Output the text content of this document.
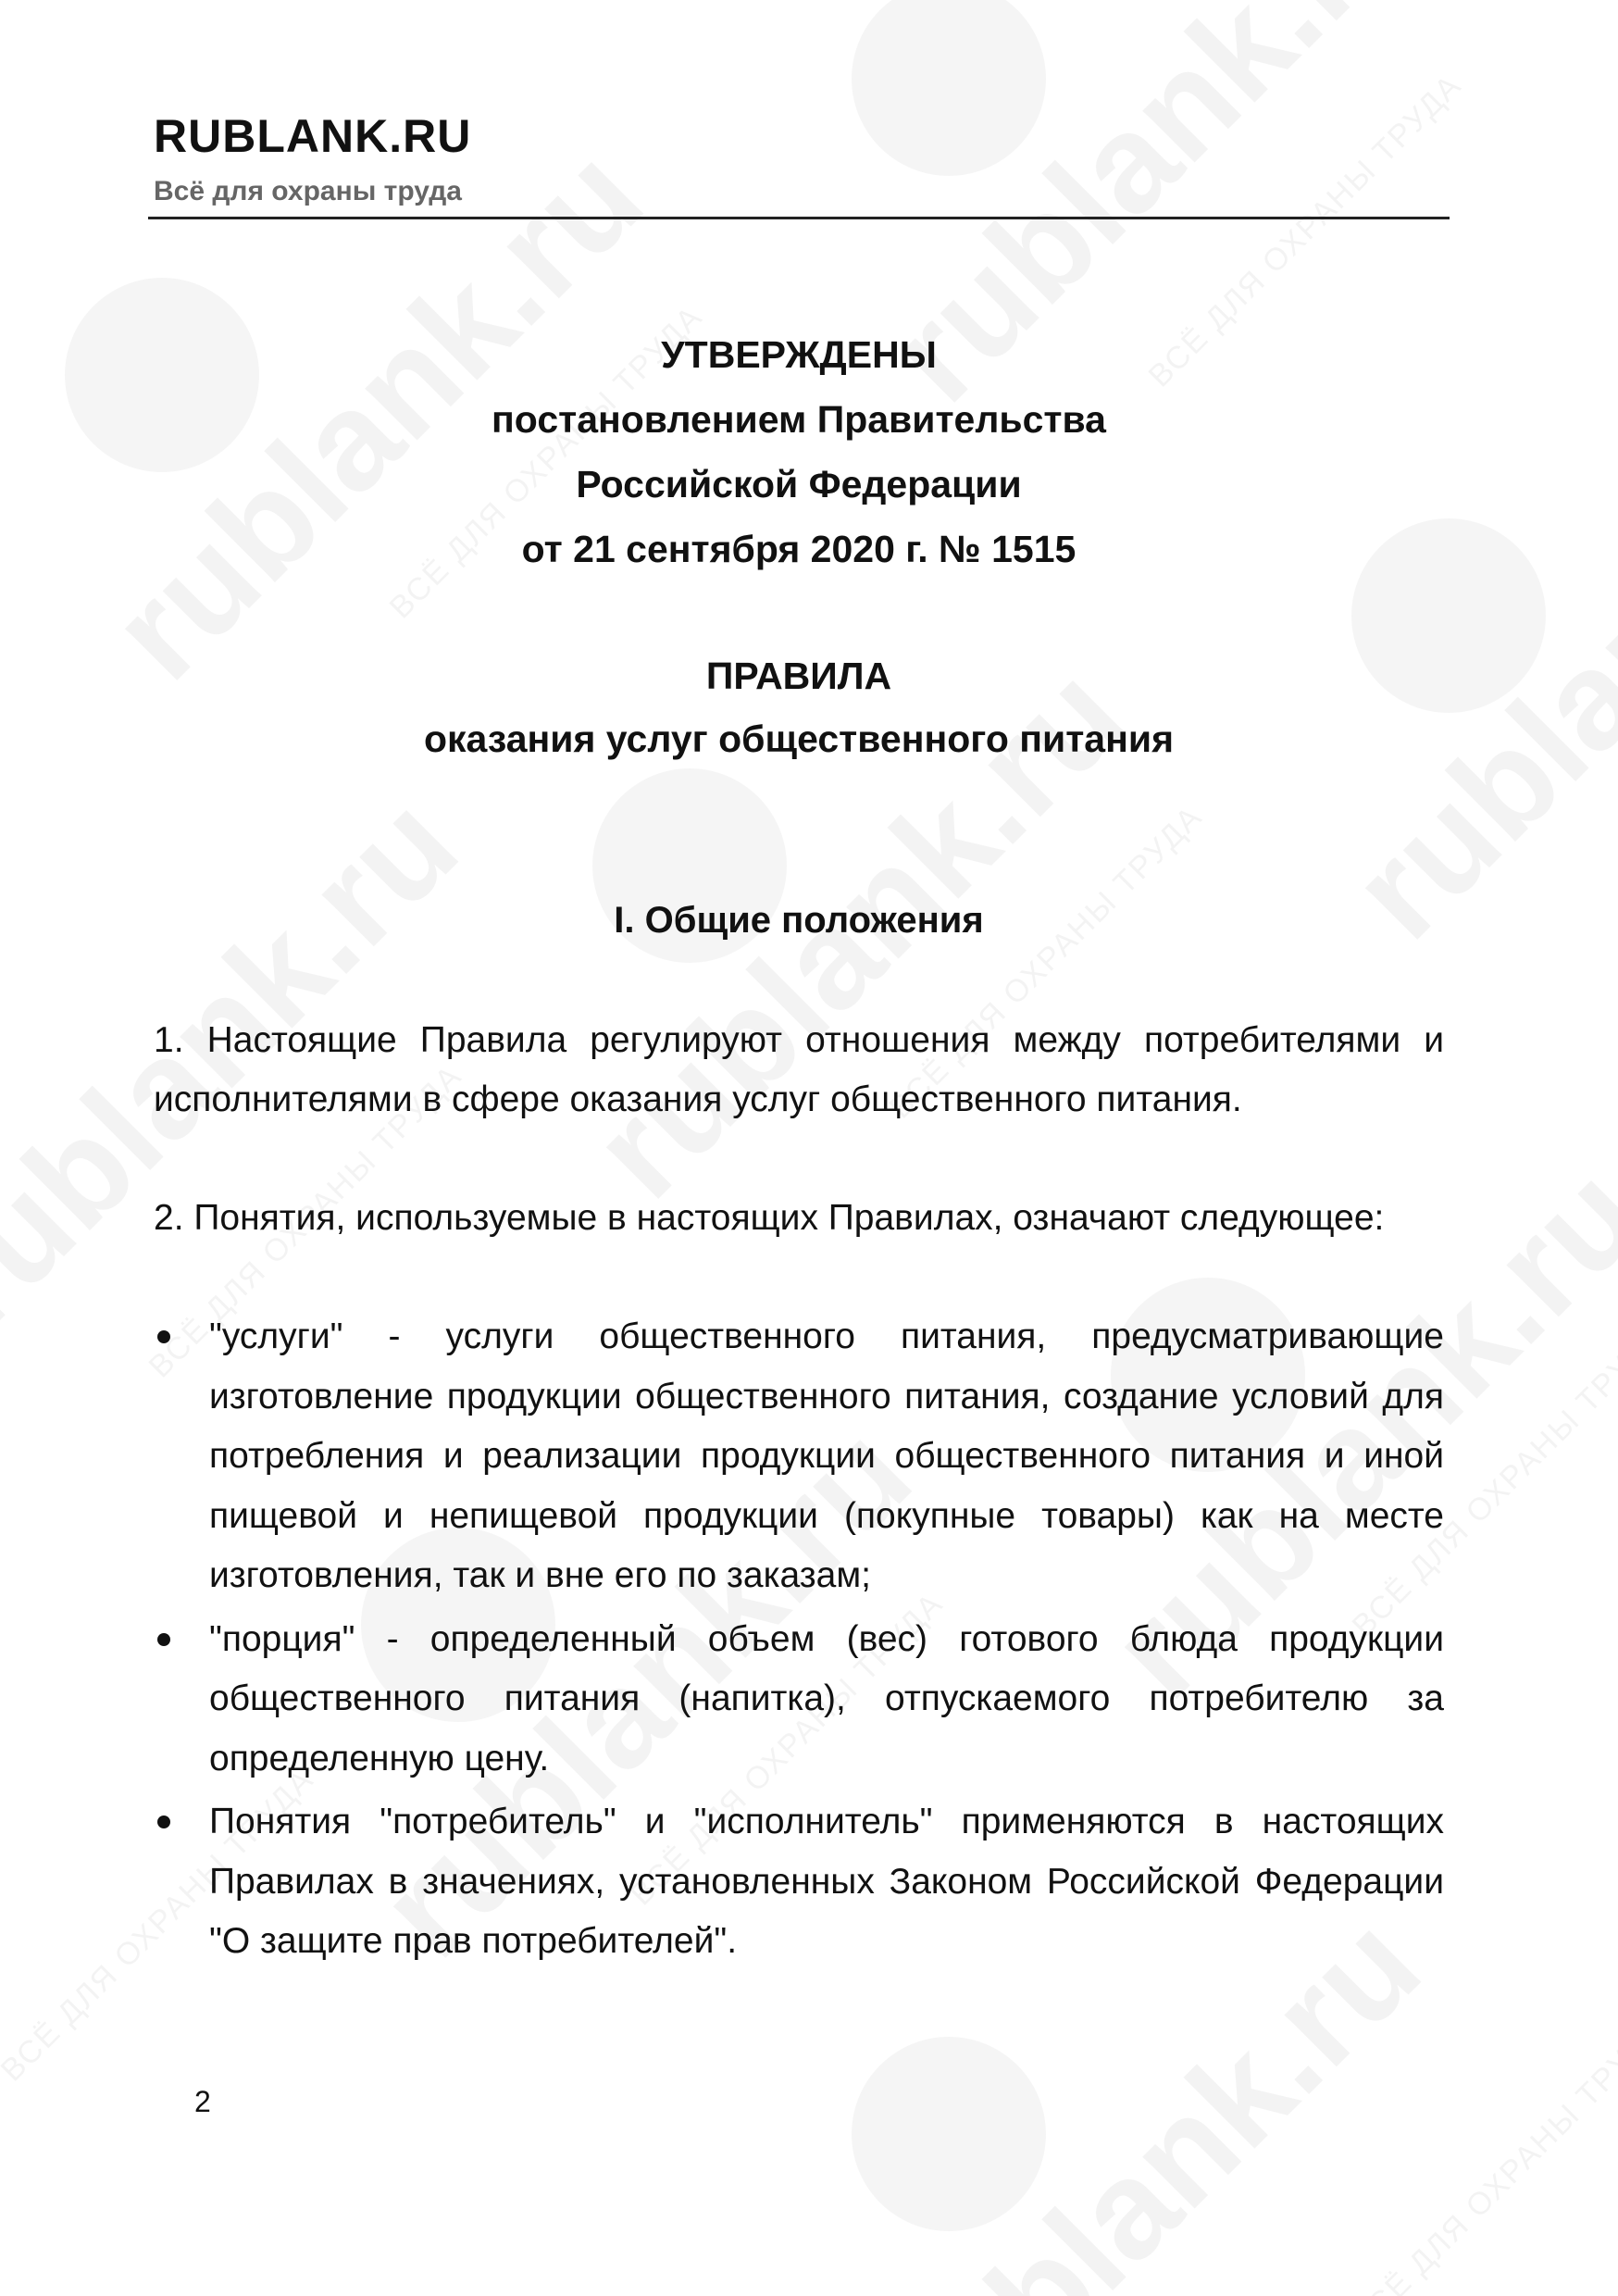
RUBLANK.RU

Всё для охраны труда

УТВЕРЖДЕНЫ
постановлением Правительства
Российской Федерации
от 21 сентября 2020 г. № 1515
ПРАВИЛА
оказания услуг общественного питания
I. Общие положения

1. Настоящие Правила регулируют отношения между потребителями и исполнителями в сфере оказания услуг общественного питания.

2. Понятия, используемые в настоящих Правилах, означают следующее:

"услуги" - услуги общественного питания, предусматривающие изготовление продукции общественного питания, создание условий для потребления и реализации продукции общественного питания и иной пищевой и непищевой продукции (покупные товары) как на месте изготовления, так и вне его по заказам;
"порция" - определенный объем (вес) готового блюда продукции общественного питания (напитка), отпускаемого потребителю за определенную цену.
Понятия "потребитель" и "исполнитель" применяются в настоящих Правилах в значениях, установленных Законом Российской Федерации "О защите прав потребителей".

2
